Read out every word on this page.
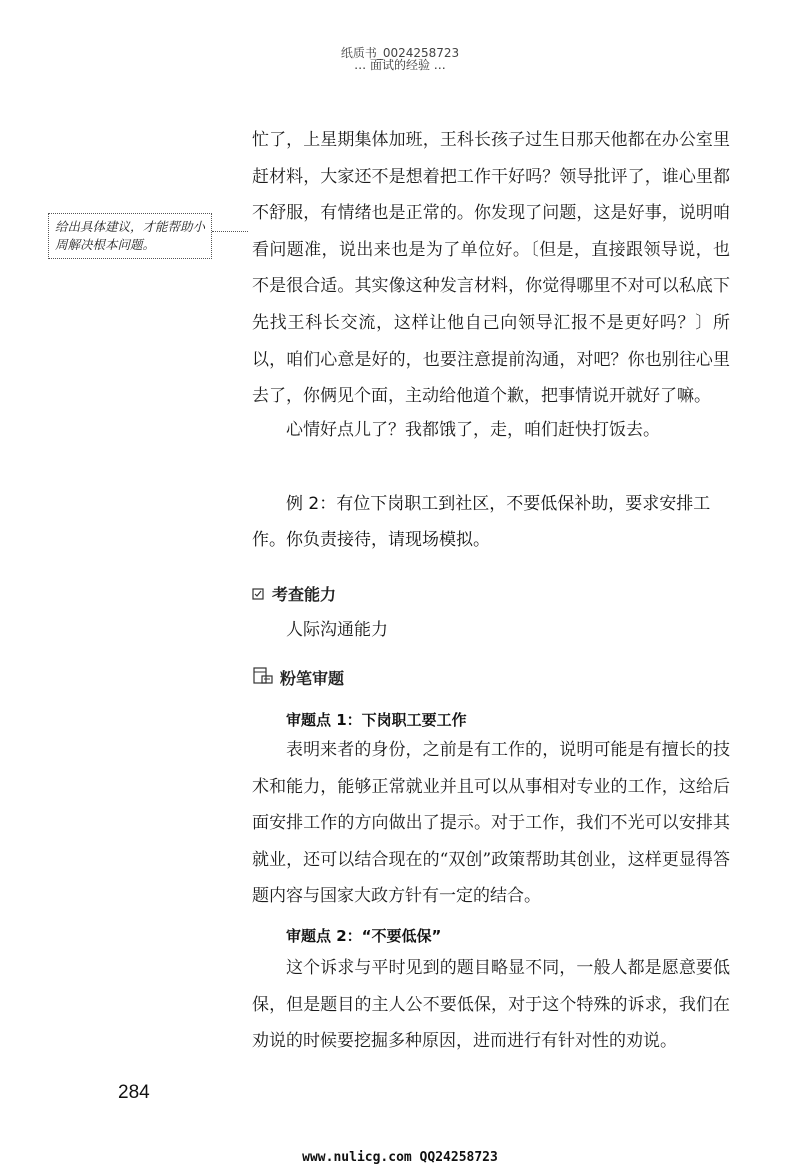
纸质书_0024258723
… 面试的经验 …

忙了，上星期集体加班，王科长孩子过生日那天他都在办公室里赶材料，大家还不是想着把工作干好吗？领导批评了，谁心里都不舒服，有情绪也是正常的。你发现了问题，这是好事，说明咱看问题准，说出来也是为了单位好。〔但是，直接跟领导说，也不是很合适。其实像这种发言材料，你觉得哪里不对可以私底下先找王科长交流，这样让他自己向领导汇报不是更好吗？〕所以，咱们心意是好的，也要注意提前沟通，对吧？你也别往心里去了，你俩见个面，主动给他道个歉，把事情说开就好了嘛。

给出具体建议，才能帮助小周解决根本问题。

心情好点儿了？我都饿了，走，咱们赶快打饭去。

例 2：有位下岗职工到社区，不要低保补助，要求安排工作。你负责接待，请现场模拟。

考查能力

人际沟通能力

粉笔审题
审题点 1：下岗职工要工作

表明来者的身份，之前是有工作的，说明可能是有擅长的技术和能力，能够正常就业并且可以从事相对专业的工作，这给后面安排工作的方向做出了提示。对于工作，我们不光可以安排其就业，还可以结合现在的“双创”政策帮助其创业，这样更显得答题内容与国家大政方针有一定的结合。

审题点 2：“不要低保”

这个诉求与平时见到的题目略显不同，一般人都是愿意要低保，但是题目的主人公不要低保，对于这个特殊的诉求，我们在劝说的时候要挖掘多种原因，进而进行有针对性的劝说。

284
www.nulicg.com QQ24258723
